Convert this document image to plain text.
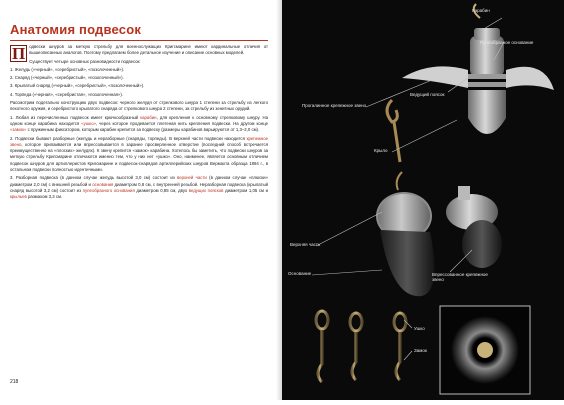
Анатомия подвесок

П одвески шнуров за меткую стрельбу для военнослужащих Кригсмарине имеют кардинальные отличия от вышеописанных аналогов. Поэтому предлагаем более детальное изучение и описание основных моделей.

Существует четыре основных разновидности подвесок:

1. Желудь («черный», «серебристый», «позолоченный»).

2. Снаряд («черный», «серебристый», «позолоченный»).

3. Крылатый снаряд («черный», «серебристый», «позолоченный»).

4. Торпеда («черная», «серебристая», «позолоченная»).

Рассмотрим подетально конструкцию двух подвесок: черного желудя от стрелкового шнура 1 степени за стрельбу из легкого пехотного оружия, и серебристого крылатого снаряда от стрелкового шнура 2 степени, за стрельбу из зенитных орудий.

1. Любая из перечисленных подвесок имеет крючкообразный карабин, для крепления к основному стрелковому шнуру. На одном конце карабина находится «ушко», через которое продевается плетеная нить крепления подвески. На другом конце «замок» с пружинным фиксатором, которым карабин крепится за подвеску (размеры карабинов варьируются от 1,3–2,0 см).

2. Подвески бывают разборные (желудь и неразборные (снаряды, торпеды). В верхней части подвески находится крепежное звено, которое припаивается или впрессовывается в заранее просверленное отверстие (последний способ встречается преимущественно на «плоских» желудях). К звену крепится «замок» карабина. Хотелось бы заметить, что подвески шнуров за меткую стрельбу Кригсмарине отличаются именно тем, что у них нет «ушко». Оно, наименее, является основным отличием подвесок шнуров для артиллеристов Кригсмарине и подвесок-снарядов артиллерийских шнуров Вермахта образца 1894 г., в остальном подвески полностью идентичными.

3. Разборная подвеска (в данном случае желудь высотой 3,0 см) состоит из верхней части (в данном случае «плюски» диаметром 2,0 см) с внешней резьбой и основания диаметром 0,8 см, с внутренней резьбой. Неразборная подвеска (крылатый снаряд высотой 3,2 см) состоит из пулеобразного основания диаметром 0,85 см, двух ведущих поясков диаметром 1,05 см и крыльев размахом 3,3 см.

218
Карабин
Пулеобразное основание
Прогалинное крепежное звено
Ведущий поясок
Крыло
Верхняя часть
Основание	Впрессованное крепежное звено
Ушко
Замок
